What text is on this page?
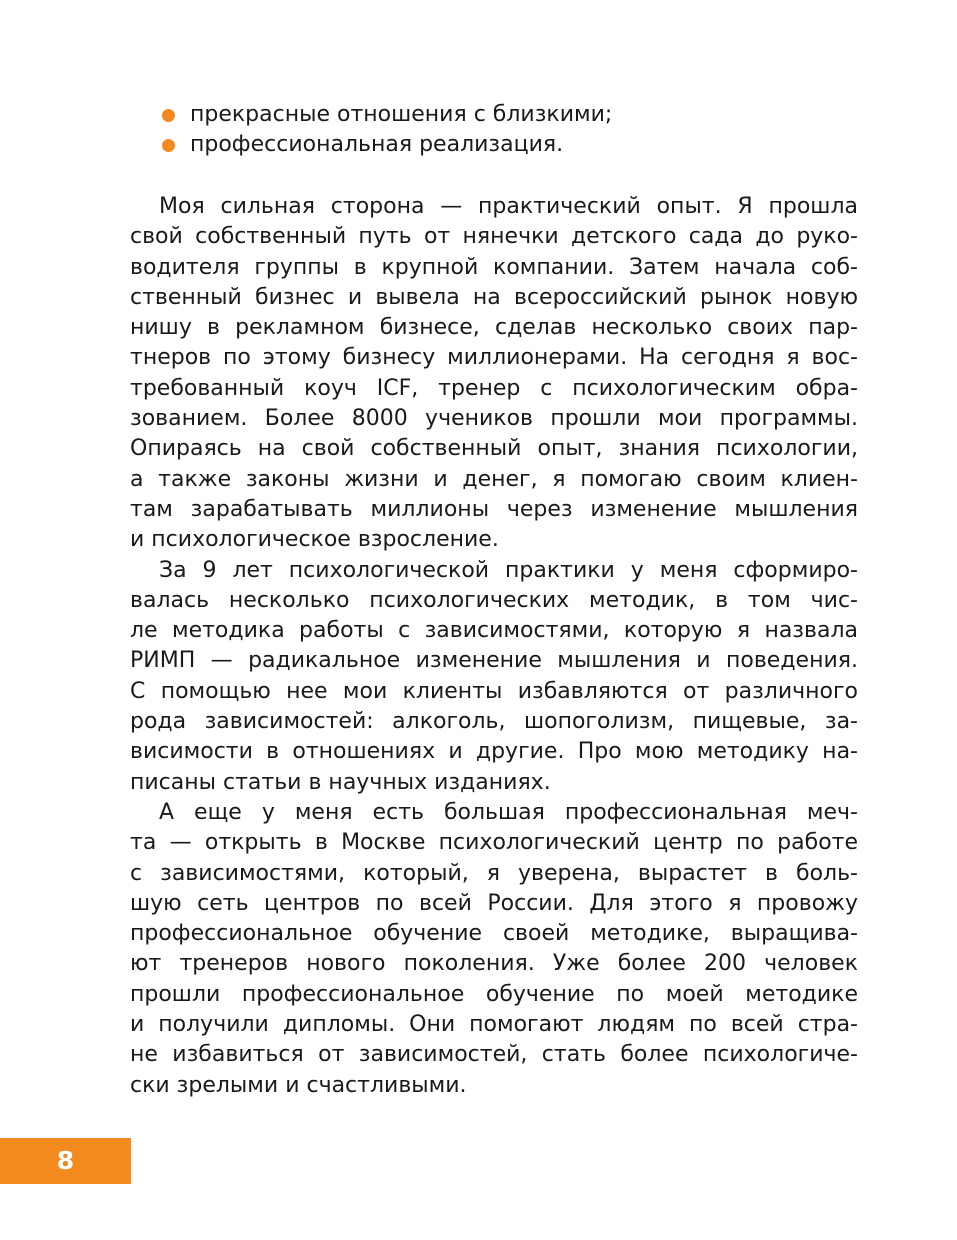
прекрасные отношения с близкими;
профессиональная реализация.

Моя сильная сторона — практический опыт. Я прошла
свой собственный путь от нянечки детского сада до руко-
водителя группы в крупной компании. Затем начала соб-
ственный бизнес и вывела на всероссийский рынок новую
нишу в рекламном бизнесе, сделав несколько своих пар-
тнеров по этому бизнесу миллионерами. На сегодня я вос-
требованный коуч ICF, тренер с психологическим обра-
зованием. Более 8000 учеников прошли мои программы.
Опираясь на свой собственный опыт, знания психологии,
а также законы жизни и денег, я помогаю своим клиен-
там зарабатывать миллионы через изменение мышления
и психологическое взросление.

За 9 лет психологической практики у меня сформиро-
валась несколько психологических методик, в том чис-
ле методика работы с зависимостями, которую я назвала
РИМП — радикальное изменение мышления и поведения.
С помощью нее мои клиенты избавляются от различного
рода зависимостей: алкоголь, шопоголизм, пищевые, за-
висимости в отношениях и другие. Про мою методику на-
писаны статьи в научных изданиях.

А еще у меня есть большая профессиональная меч-
та — открыть в Москве психологический центр по работе
с зависимостями, который, я уверена, вырастет в боль-
шую сеть центров по всей России. Для этого я провожу
профессиональное обучение своей методике, выращива-
ют тренеров нового поколения. Уже более 200 человек
прошли профессиональное обучение по моей методике
и получили дипломы. Они помогают людям по всей стра-
не избавиться от зависимостей, стать более психологиче-
ски зрелыми и счастливыми.

8
